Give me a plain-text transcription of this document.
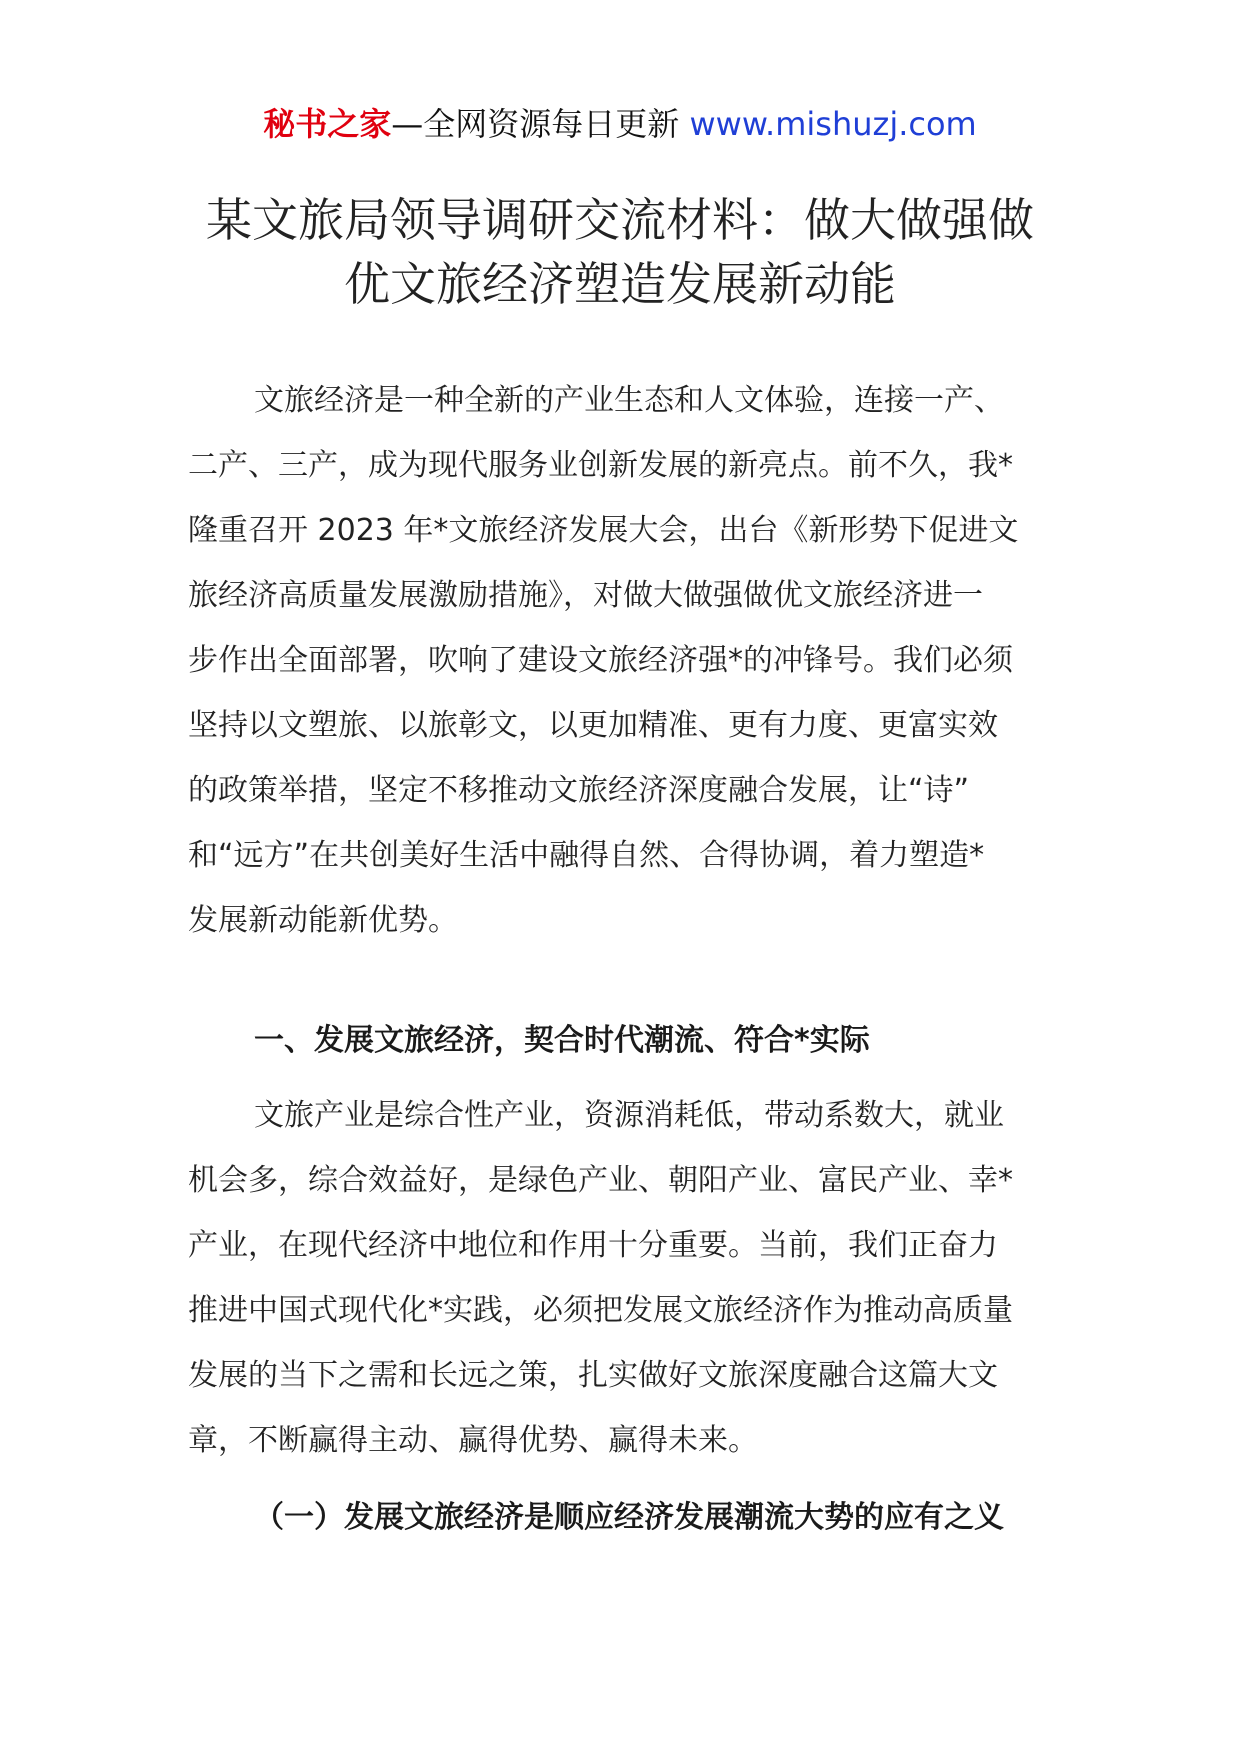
秘书之家—全网资源每日更新 www.mishuzj.com
某文旅局领导调研交流材料：做大做强做
优文旅经济塑造发展新动能
文旅经济是一种全新的产业生态和人文体验，连接一产、
二产、三产，成为现代服务业创新发展的新亮点。前不久，我*
隆重召开 2023 年*文旅经济发展大会，出台《新形势下促进文
旅经济高质量发展激励措施》，对做大做强做优文旅经济进一
步作出全面部署，吹响了建设文旅经济强*的冲锋号。我们必须
坚持以文塑旅、以旅彰文，以更加精准、更有力度、更富实效
的政策举措，坚定不移推动文旅经济深度融合发展，让“诗”
和“远方”在共创美好生活中融得自然、合得协调，着力塑造*
发展新动能新优势。
一、发展文旅经济，契合时代潮流、符合*实际
文旅产业是综合性产业，资源消耗低，带动系数大，就业
机会多，综合效益好，是绿色产业、朝阳产业、富民产业、幸*
产业，在现代经济中地位和作用十分重要。当前，我们正奋力
推进中国式现代化*实践，必须把发展文旅经济作为推动高质量
发展的当下之需和长远之策，扎实做好文旅深度融合这篇大文
章，不断赢得主动、赢得优势、赢得未来。
（一）发展文旅经济是顺应经济发展潮流大势的应有之义
